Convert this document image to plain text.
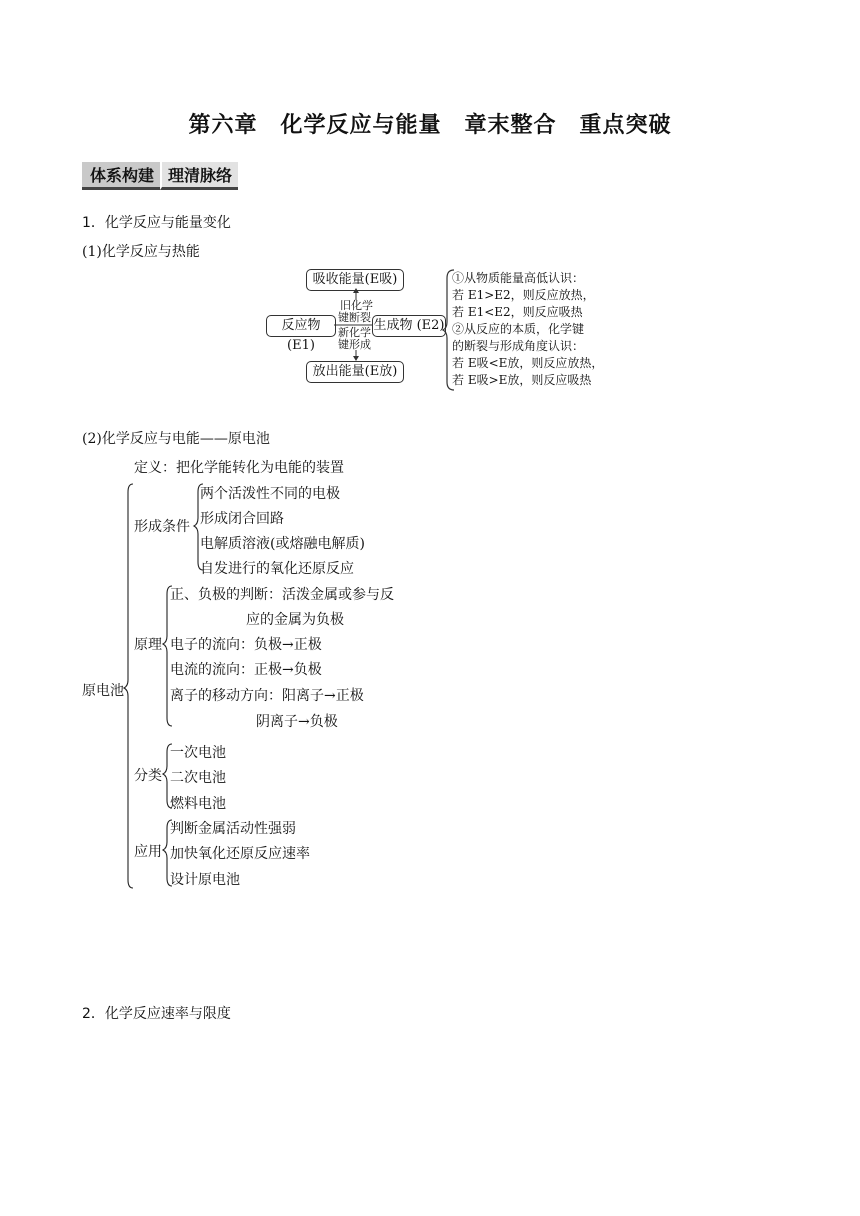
第六章　化学反应与能量　章末整合　重点突破
体系构建 理清脉络
1．化学反应与能量变化
(1)化学反应与热能
吸收能量(E吸)
反应物 (E1)
生成物 (E2)
放出能量(E放)
旧化学
键断裂
新化学
键形成
①从物质能量高低认识：
若 E1>E2，则反应放热，
若 E1<E2，则反应吸热
②从反应的本质，化学键
的断裂与形成角度认识：
若 E吸<E放，则反应放热，
若 E吸>E放，则反应吸热
(2)化学反应与电能——原电池
原电池
定义：把化学能转化为电能的装置
形成条件
两个活泼性不同的电极
形成闭合回路
电解质溶液(或熔融电解质)
自发进行的氧化还原反应
原理
正、负极的判断：活泼金属或参与反
应的金属为负极
电子的流向：负极→正极
电流的流向：正极→负极
离子的移动方向：阳离子→正极
阴离子→负极
分类
一次电池
二次电池
燃料电池
应用
判断金属活动性强弱
加快氧化还原反应速率
设计原电池
2．化学反应速率与限度
